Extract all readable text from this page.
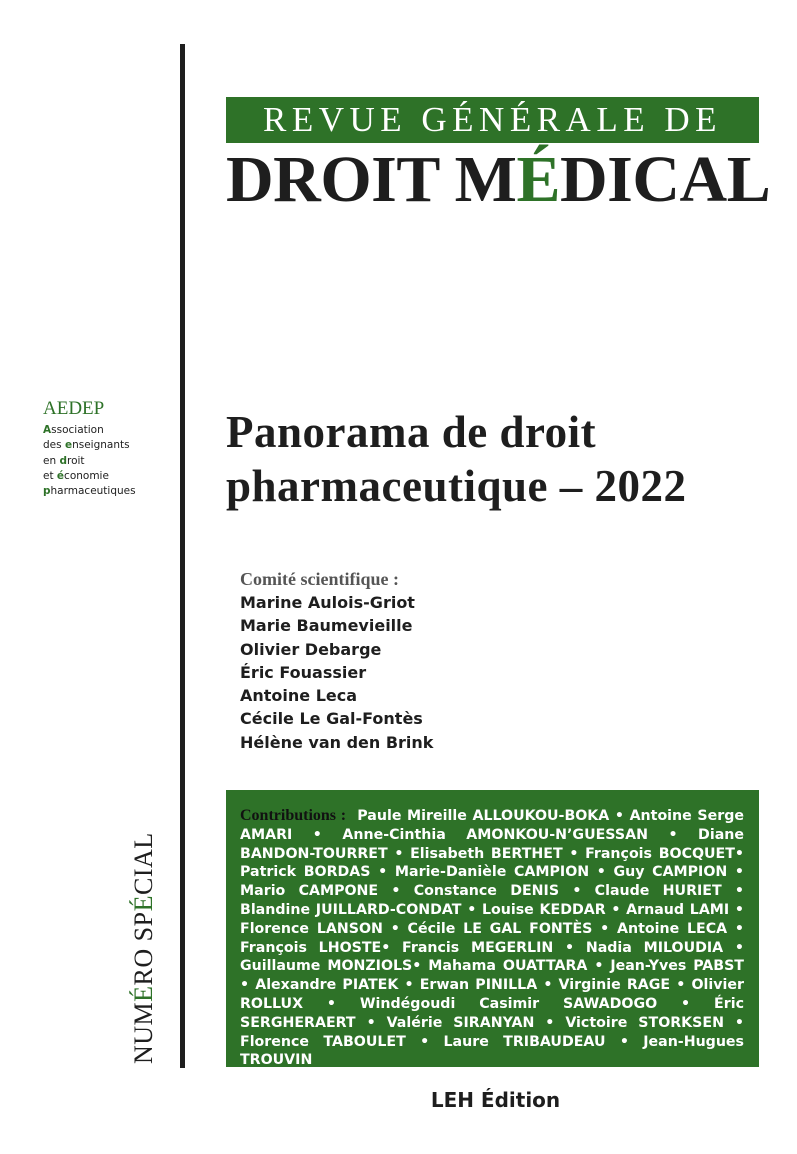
REVUE GÉNÉRALE DE
DROIT MÉDICAL
AEDEP
Association
des enseignants
en droit
et économie
pharmaceutiques
Panorama de droit
pharmaceutique – 2022
Comité scientifique :
Marine Aulois-Griot
Marie Baumevieille
Olivier Debarge
Éric Fouassier
Antoine Leca
Cécile Le Gal-Fontès
Hélène van den Brink

Contributions : Paule Mireille ALLOUKOU-BOKA • Antoine Serge AMARI • Anne-Cinthia AMONKOU-N’GUESSAN • Diane BANDON-TOURRET • Elisabeth BERTHET • François BOCQUET• Patrick BORDAS • Marie-Danièle CAMPION • Guy CAMPION • Mario CAMPONE • Constance DENIS • Claude HURIET • Blandine JUILLARD-CONDAT • Louise KEDDAR • Arnaud LAMI • Florence LANSON • Cécile LE GAL FONTÈS • Antoine LECA • François LHOSTE• Francis MEGERLIN • Nadia MILOUDIA • Guillaume MONZIOLS• Mahama OUATTARA • Jean-Yves PABST • Alexandre PIATEK • Erwan PINILLA • Virginie RAGE • Olivier ROLLUX • Windégoudi Casimir SAWADOGO • Éric SERGHERAERT • Valérie SIRANYAN • Victoire STORKSEN • Florence TABOULET • Laure TRIBAUDEAU • Jean-Hugues TROUVIN

NUMÉRO SPÉCIAL
LEH Édition
